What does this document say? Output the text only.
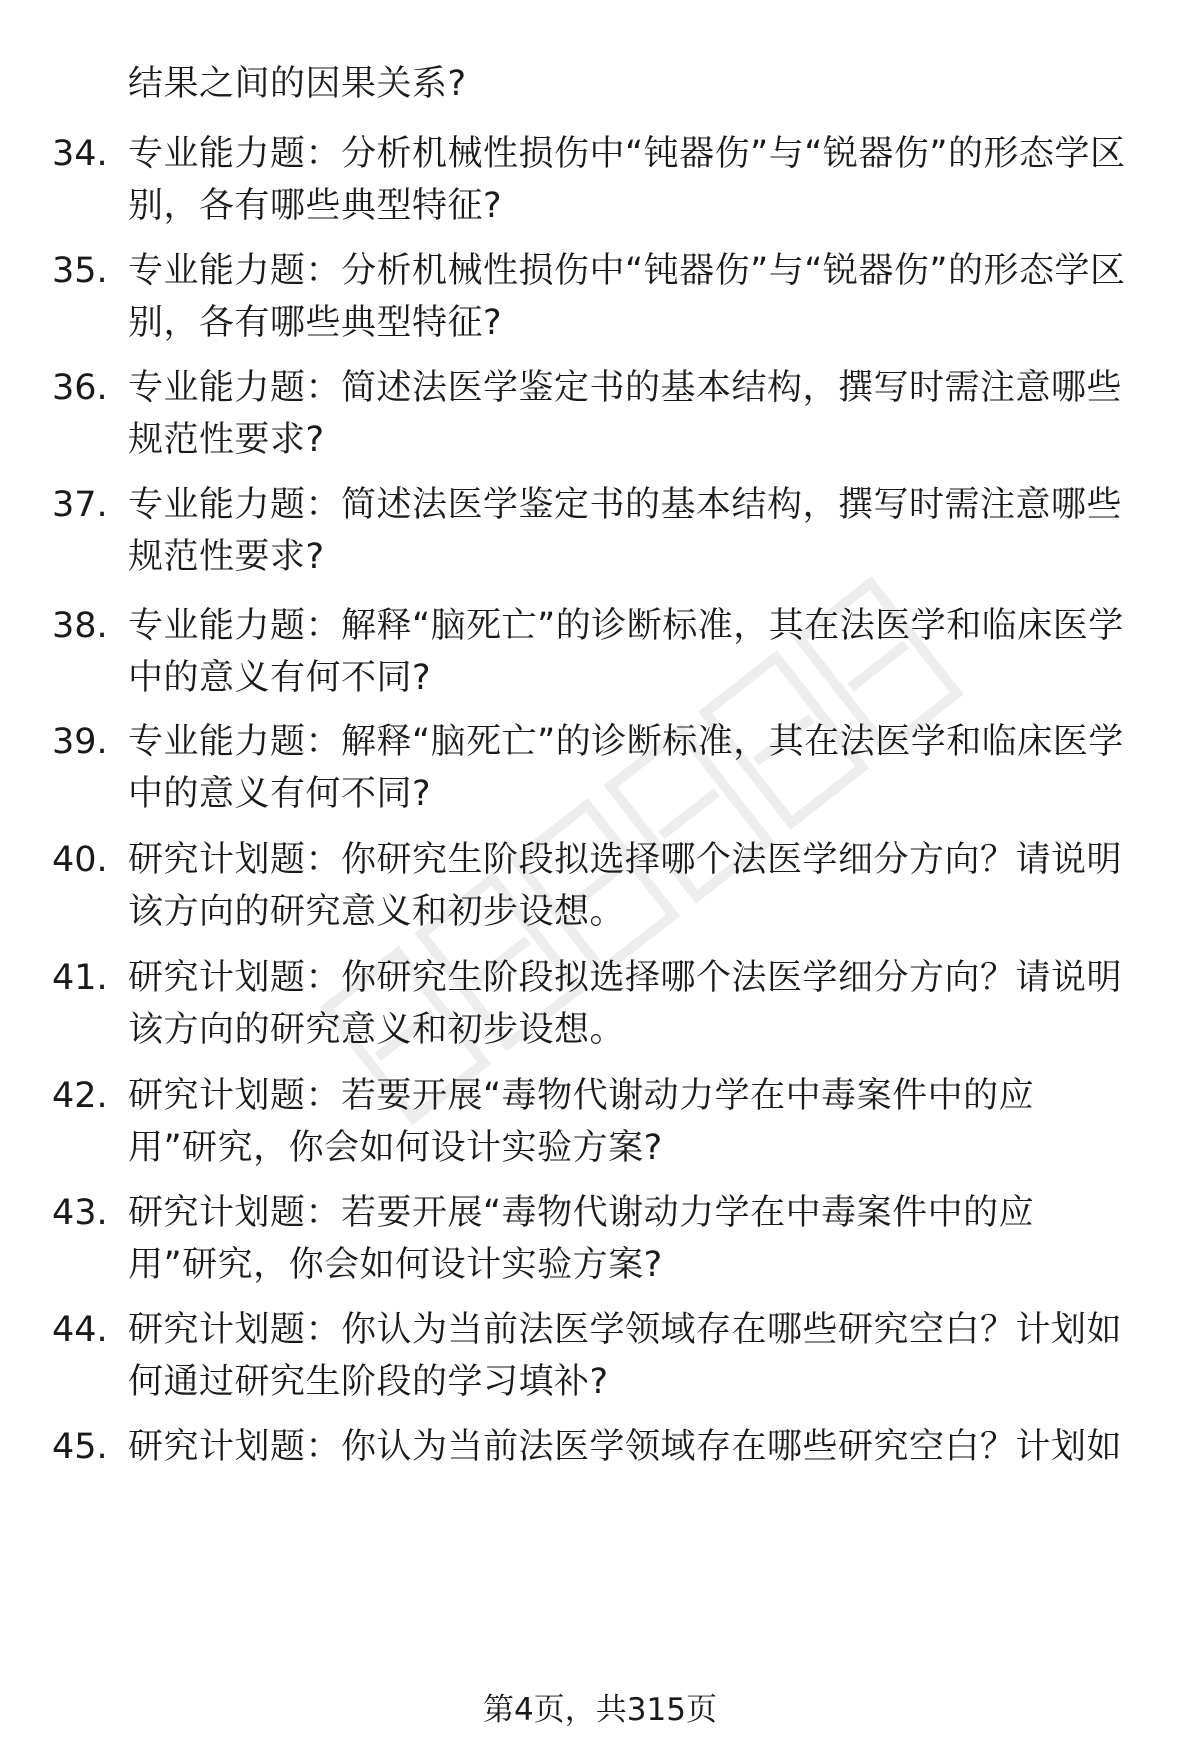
结果之间的因果关系?
34. 专业能力题：分析机械性损伤中“钝器伤”与“锐器伤”的形态学区别，各有哪些典型特征?
35. 专业能力题：分析机械性损伤中“钝器伤”与“锐器伤”的形态学区别，各有哪些典型特征?
36. 专业能力题：简述法医学鉴定书的基本结构，撰写时需注意哪些规范性要求?
37. 专业能力题：简述法医学鉴定书的基本结构，撰写时需注意哪些规范性要求?
38. 专业能力题：解释“脑死亡”的诊断标准，其在法医学和临床医学中的意义有何不同?
39. 专业能力题：解释“脑死亡”的诊断标准，其在法医学和临床医学中的意义有何不同?
40. 研究计划题：你研究生阶段拟选择哪个法医学细分方向？请说明该方向的研究意义和初步设想。
41. 研究计划题：你研究生阶段拟选择哪个法医学细分方向？请说明该方向的研究意义和初步设想。
42. 研究计划题：若要开展“毒物代谢动力学在中毒案件中的应用”研究，你会如何设计实验方案?
43. 研究计划题：若要开展“毒物代谢动力学在中毒案件中的应用”研究，你会如何设计实验方案?
44. 研究计划题：你认为当前法医学领域存在哪些研究空白？计划如何通过研究生阶段的学习填补?
45. 研究计划题：你认为当前法医学领域存在哪些研究空白？计划如
第4页，共315页
